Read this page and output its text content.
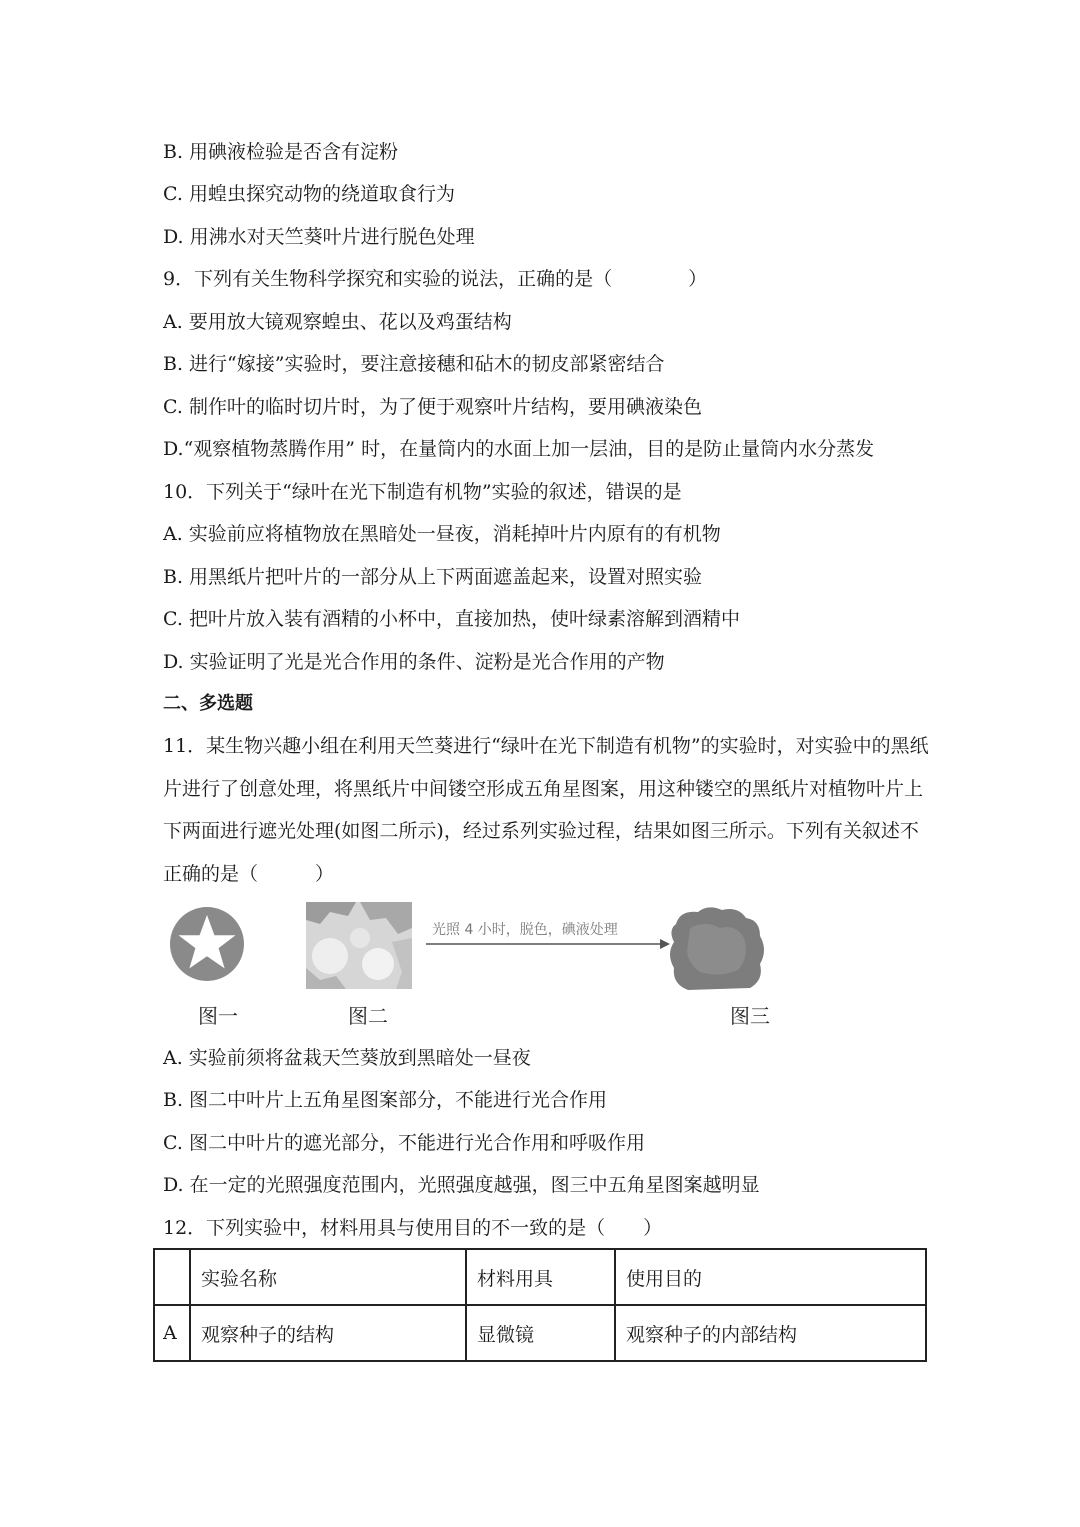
B. 用碘液检验是否含有淀粉
C. 用蝗虫探究动物的绕道取食行为
D. 用沸水对天竺葵叶片进行脱色处理
9．下列有关生物科学探究和实验的说法，正确的是（　　　　）
A. 要用放大镜观察蝗虫、花以及鸡蛋结构
B. 进行“嫁接”实验时，要注意接穗和砧木的韧皮部紧密结合
C. 制作叶的临时切片时，为了便于观察叶片结构，要用碘液染色
D.“观察植物蒸腾作用” 时，在量筒内的水面上加一层油，目的是防止量筒内水分蒸发
10．下列关于“绿叶在光下制造有机物”实验的叙述，错误的是
A. 实验前应将植物放在黑暗处一昼夜，消耗掉叶片内原有的有机物
B. 用黑纸片把叶片的一部分从上下两面遮盖起来，设置对照实验
C. 把叶片放入装有酒精的小杯中，直接加热，使叶绿素溶解到酒精中
D. 实验证明了光是光合作用的条件、淀粉是光合作用的产物
二、多选题
11．某生物兴趣小组在利用天竺葵进行“绿叶在光下制造有机物”的实验时，对实验中的黑纸
片进行了创意处理，将黑纸片中间镂空形成五角星图案，用这种镂空的黑纸片对植物叶片上
下两面进行遮光处理(如图二所示)，经过系列实验过程，结果如图三所示。下列有关叙述不
正确的是（　　　）
光照 4 小时，脱色，碘液处理
图一	图二	图三
A. 实验前须将盆栽天竺葵放到黑暗处一昼夜
B. 图二中叶片上五角星图案部分，不能进行光合作用
C. 图二中叶片的遮光部分，不能进行光合作用和呼吸作用
D. 在一定的光照强度范围内，光照强度越强，图三中五角星图案越明显
12．下列实验中，材料用具与使用目的不一致的是（　　）
	实验名称	材料用具	使用目的
A	观察种子的结构	显微镜	观察种子的内部结构
